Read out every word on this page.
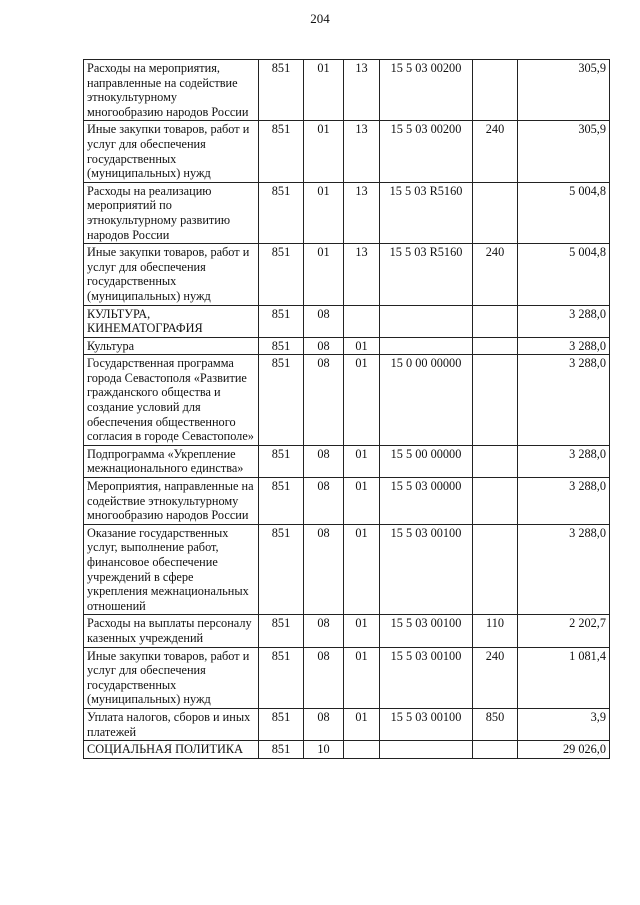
204
Расходы на мероприятия, направленные на содействие этнокультурному многообразию народов России	851	01	13	15 5 03 00200		305,9
Иные закупки товаров, работ и услуг для обеспечения государственных (муниципальных) нужд	851	01	13	15 5 03 00200	240	305,9
Расходы на реализацию мероприятий по этнокультурному развитию народов России	851	01	13	15 5 03 R5160		5 004,8
Иные закупки товаров, работ и услуг для обеспечения государственных (муниципальных) нужд	851	01	13	15 5 03 R5160	240	5 004,8
КУЛЬТУРА, КИНЕМАТОГРАФИЯ	851	08				3 288,0
Культура	851	08	01			3 288,0
Государственная программа города Севастополя «Развитие гражданского общества и создание условий для обеспечения общественного согласия в городе Севастополе»	851	08	01	15 0 00 00000		3 288,0
Подпрограмма «Укрепление межнационального единства»	851	08	01	15 5 00 00000		3 288,0
Мероприятия, направленные на содействие этнокультурному многообразию народов России	851	08	01	15 5 03 00000		3 288,0
Оказание государственных услуг, выполнение работ, финансовое обеспечение учреждений в сфере укрепления межнациональных отношений	851	08	01	15 5 03 00100		3 288,0
Расходы на выплаты персоналу казенных учреждений	851	08	01	15 5 03 00100	110	2 202,7
Иные закупки товаров, работ и услуг для обеспечения государственных (муниципальных) нужд	851	08	01	15 5 03 00100	240	1 081,4
Уплата налогов, сборов и иных платежей	851	08	01	15 5 03 00100	850	3,9
СОЦИАЛЬНАЯ ПОЛИТИКА	851	10				29 026,0
